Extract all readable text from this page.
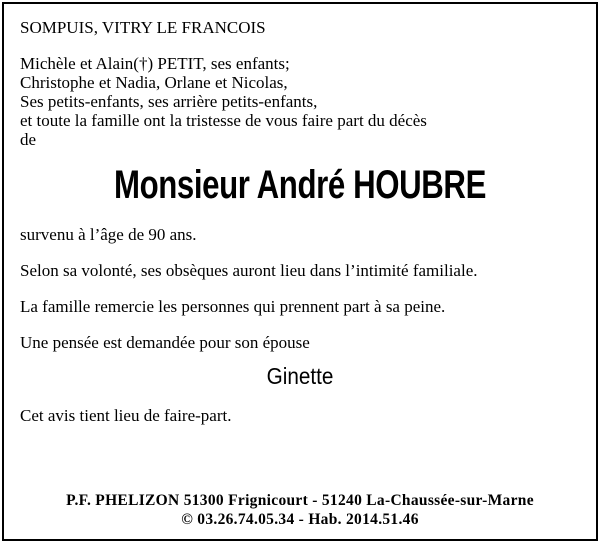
SOMPUIS, VITRY LE FRANCOIS
Michèle et Alain(†) PETIT, ses enfants;
Christophe et Nadia, Orlane et Nicolas,
Ses petits-enfants, ses arrière petits-enfants,
et toute la famille ont la tristesse de vous faire part du décès
de
Monsieur André HOUBRE
survenu à l’âge de 90 ans.
Selon sa volonté, ses obsèques auront lieu dans l’intimité familiale.
La famille remercie les personnes qui prennent part à sa peine.
Une pensée est demandée pour son épouse
Ginette
Cet avis tient lieu de faire-part.
P.F. PHELIZON 51300 Frignicourt - 51240 La-Chaussée-sur-Marne
© 03.26.74.05.34 - Hab. 2014.51.46
